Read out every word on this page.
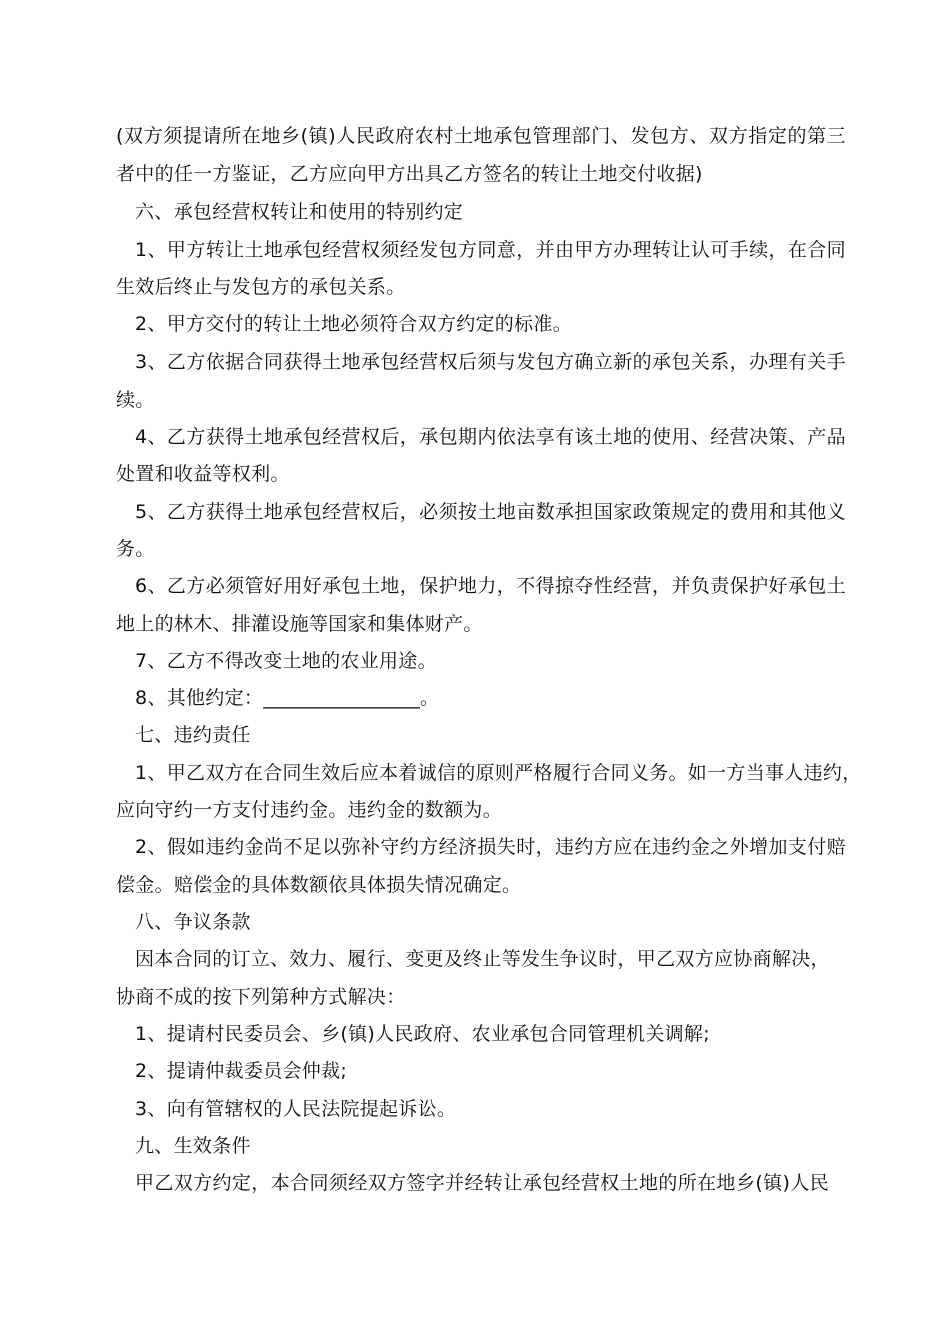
(双方须提请所在地乡(镇)人民政府农村土地承包管理部门、发包方、双方指定的第三
者中的任一方鉴证，乙方应向甲方出具乙方签名的转让土地交付收据)
六、承包经营权转让和使用的特别约定
1、甲方转让土地承包经营权须经发包方同意，并由甲方办理转让认可手续，在合同
生效后终止与发包方的承包关系。
2、甲方交付的转让土地必须符合双方约定的标准。
3、乙方依据合同获得土地承包经营权后须与发包方确立新的承包关系，办理有关手
续。
4、乙方获得土地承包经营权后，承包期内依法享有该土地的使用、经营决策、产品
处置和收益等权利。
5、乙方获得土地承包经营权后，必须按土地亩数承担国家政策规定的费用和其他义
务。
6、乙方必须管好用好承包土地，保护地力，不得掠夺性经营，并负责保护好承包土
地上的林木、排灌设施等国家和集体财产。
7、乙方不得改变土地的农业用途。
8、其他约定：________________。
七、违约责任
1、甲乙双方在合同生效后应本着诚信的原则严格履行合同义务。如一方当事人违约，
应向守约一方支付违约金。违约金的数额为。
2、假如违约金尚不足以弥补守约方经济损失时，违约方应在违约金之外增加支付赔
偿金。赔偿金的具体数额依具体损失情况确定。
八、争议条款
因本合同的订立、效力、履行、变更及终止等发生争议时，甲乙双方应协商解决，
协商不成的按下列第种方式解决：
1、提请村民委员会、乡(镇)人民政府、农业承包合同管理机关调解;
2、提请仲裁委员会仲裁;
3、向有管辖权的人民法院提起诉讼。
九、生效条件
甲乙双方约定，本合同须经双方签字并经转让承包经营权土地的所在地乡(镇)人民
